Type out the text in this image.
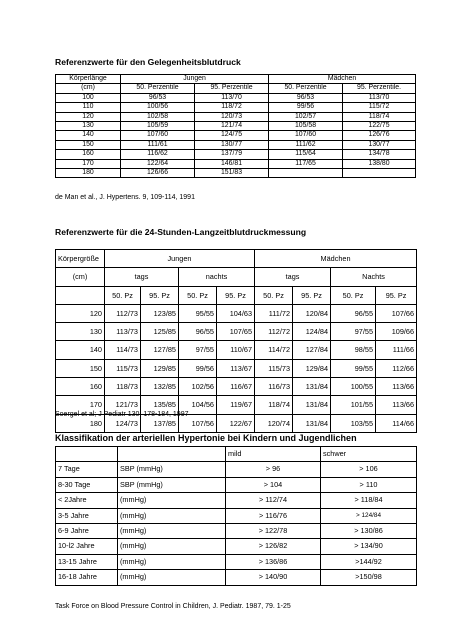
Referenzwerte für den Gelegenheitsblutdruck
Körperlänge	Jungen		Mädchen	
(cm)	50. Perzentile	95. Perzentile	50. Perzentile	95. Perzentile.
100	96/53	113/70	96/53	113/70
110	100/56	118/72	99/56	115/72
120	102/58	120/73	102/57	118/74
130	105/59	121/74	105/58	122/75
140	107/60	124/75	107/60	126/76
150	111/61	130/77	111/62	130/77
160	116/62	137/79	115/64	134/78
170	122/64	146/81	117/65	138/80
180	126/66	151/83		
de Man et al., J. Hypertens. 9, 109-114, 1991
Referenzwerte für die 24-Stunden-Langzeitblutdruckmessung
Körpergröße	Jungen				Mädchen			
(cm)	tags		nachts		tags		Nachts	
	50. Pz	95. Pz	50. Pz	95. Pz	50. Pz	95. Pz	50. Pz	95. Pz
120	112/73	123/85	95/55	104/63	111/72	120/84	96/55	107/66
130	113/73	125/85	96/55	107/65	112/72	124/84	97/55	109/66
140	114/73	127/85	97/55	110/67	114/72	127/84	98/55	111/66
150	115/73	129/85	99/56	113/67	115/73	129/84	99/55	112/66
160	118/73	132/85	102/56	116/67	116/73	131/84	100/55	113/66
170	121/73	135/85	104/56	119/67	118/74	131/84	101/55	113/66
180	124/73	137/85	107/56	122/67	120/74	131/84	103/55	114/66
Soergel et al; J Pediatr 130, 178-184, 1997
Klassifikation der arteriellen Hypertonie bei Kindern und Jugendlichen
		mild	schwer
7 Tage	SBP (mmHg)	> 96	> 106
8-30 Tage	SBP (mmHg)	> 104	> 110
< 2Jahre	(mmHg)	> 112/74	> 118/84
3-5 Jahre	(mmHg)	> 116/76	> 124/84
6-9 Jahre	(mmHg)	> 122/78	> 130/86
10-l2 Jahre	(mmHg)	> 126/82	> 134/90
13-15 Jahre	(mmHg)	> 136/86	>144/92
16-18 Jahre	(mmHg)	> 140/90	>150/98
Task Force on Blood Pressure Control in Children, J. Pediatr. 1987, 79. 1-25
